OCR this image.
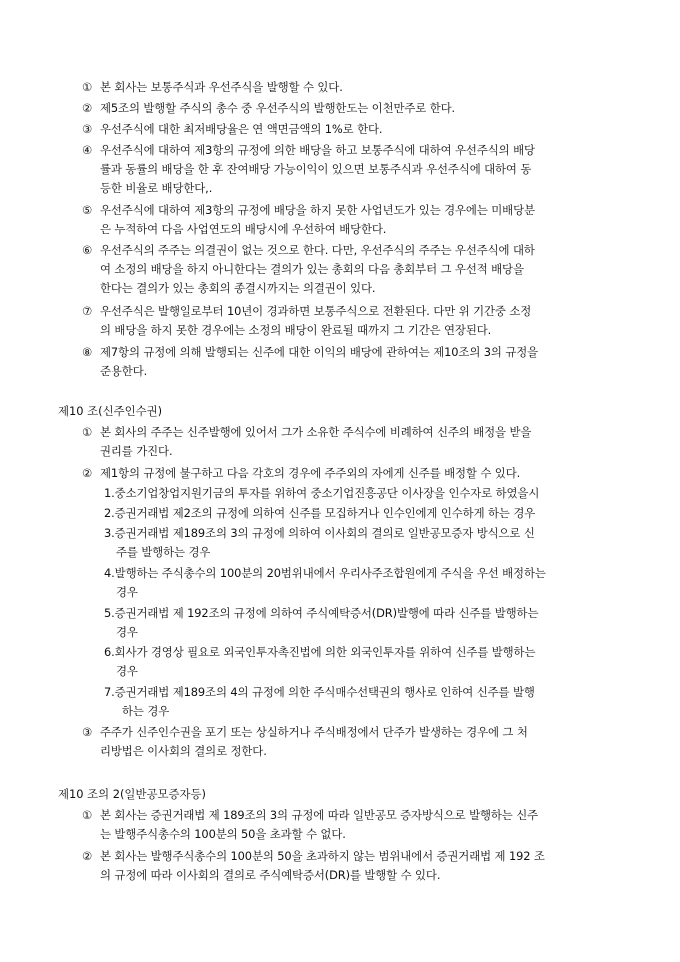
① 본 회사는 보통주식과 우선주식을 발행할 수 있다.
② 제5조의 발행할 주식의 총수 중 우선주식의 발행한도는 이천만주로 한다.
③ 우선주식에 대한 최저배당율은 연 액면금액의 1%로 한다.
④ 우선주식에 대하여 제3항의 규정에 의한 배당을 하고 보통주식에 대하여 우선주식의 배당
률과 동률의 배당을 한 후 잔여배당 가능이익이 있으면 보통주식과 우선주식에 대하여 동
등한 비율로 배당한다,.
⑤ 우선주식에 대하여 제3항의 규정에 배당을 하지 못한 사업년도가 있는 경우에는 미배당분
은 누적하여 다음 사업연도의 배당시에 우선하여 배당한다.
⑥ 우선주식의 주주는 의결권이 없는 것으로 한다. 다만, 우선주식의 주주는 우선주식에 대하
여 소정의 배당을 하지 아니한다는 결의가 있는 총회의 다음 총회부터 그 우선적 배당을
한다는 결의가 있는 총회의 종결시까지는 의결권이 있다.
⑦ 우선주식은 발행일로부터 10년이 경과하면 보통주식으로 전환된다. 다만 위 기간중 소정
의 배당을 하지 못한 경우에는 소정의 배당이 완료될 때까지 그 기간은 연장된다.
⑧ 제7항의 규정에 의해 발행되는 신주에 대한 이익의 배당에 관하여는 제10조의 3의 규정을
준용한다.
제10 조(신주인수권)
① 본 회사의 주주는 신주발행에 있어서 그가 소유한 주식수에 비례하여 신주의 배정을 받을
권리를 가진다.
② 제1항의 규정에 불구하고 다음 각호의 경우에 주주외의 자에게 신주를 배정할 수 있다.
1.중소기업창업지원기금의 투자를 위하여 중소기업진흥공단 이사장을 인수자로 하였을시
2.증권거래법 제2조의 규정에 의하여 신주를 모집하거나 인수인에게 인수하게 하는 경우
3.증권거래법 제189조의 3의 규정에 의하여 이사회의 결의로 일반공모증자 방식으로 신
주를 발행하는 경우
4.발행하는 주식총수의 100분의 20범위내에서 우리사주조합원에게 주식을 우선 배정하는
경우
5.증권거래법 제 192조의 규정에 의하여 주식예탁증서(DR)발행에 따라 신주를 발행하는
경우
6.회사가 경영상 필요로 외국인투자촉진법에 의한 외국인투자를 위하여 신주를 발행하는
경우
7.증권거래법 제189조의 4의 규정에 의한 주식매수선택권의 행사로 인하여 신주를 발행
하는 경우
③ 주주가 신주인수권을 포기 또는 상실하거나 주식배정에서 단주가 발생하는 경우에 그 처
리방법은 이사회의 결의로 정한다.
제10 조의 2(일반공모증자등)
① 본 회사는 증권거래법 제 189조의 3의 규정에 따라 일반공모 증자방식으로 발행하는 신주
는 발행주식총수의 100분의 50을 초과할 수 없다.
② 본 회사는 발행주식총수의 100분의 50을 초과하지 않는 범위내에서 증권거래법 제 192 조
의 규정에 따라 이사회의 결의로 주식예탁증서(DR)를 발행할 수 있다.
